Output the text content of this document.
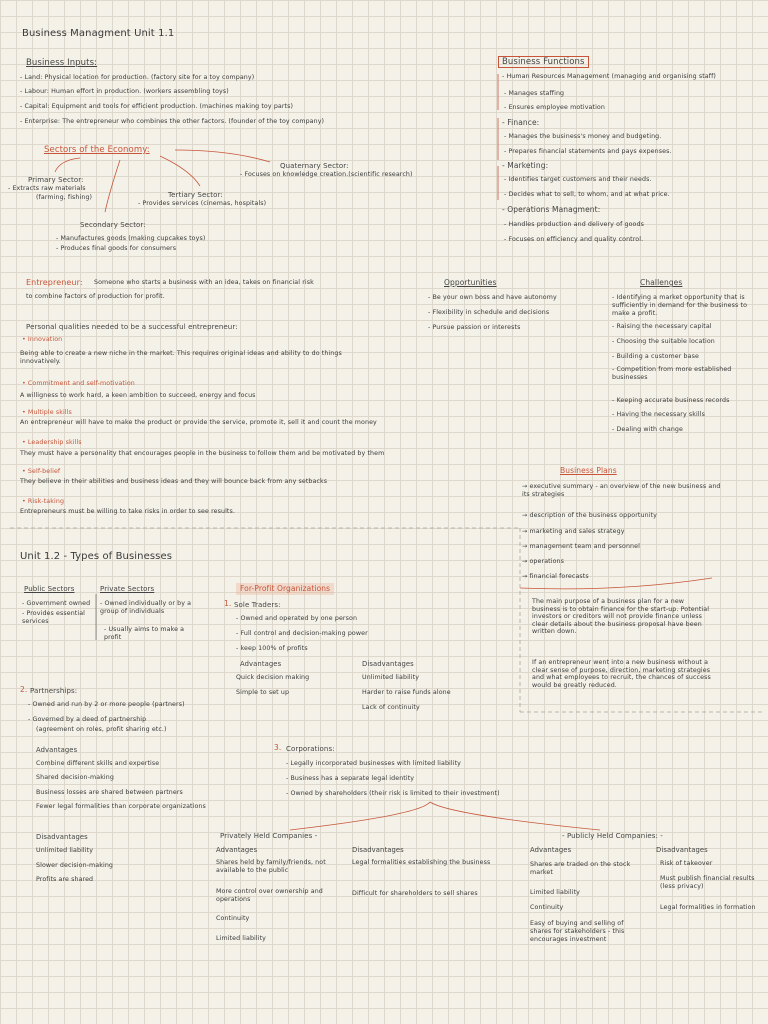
Business Managment Unit 1.1
Business Inputs:
- Land: Physical location for production. (factory site for a toy company)
- Labour: Human effort in production. (workers assembling toys)
- Capital: Equipment and tools for efficient production. (machines making toy parts)
- Enterprise: The entrepreneur who combines the other factors. (founder of the toy company)
Sectors of the Economy:
Primary Sector:
- Extracts raw materials
(farming, fishing)	Tertiary Sector:
- Provides services (cinemas, hospitals)
Quaternary Sector:
- Focuses on knowledge creation.(scientific research)
Secondary Sector:
- Manufactures goods (making cupcakes toys)
- Produces final goods for consumers
Business Functions
- Human Resources Management (managing and organising staff)
- Manages staffing
- Ensures employee motivation
- Finance:
- Manages the business's money and budgeting.
- Prepares financial statements and pays expenses.
- Marketing:
- Identifies target customers and their needs.
- Decides what to sell, to whom, and at what price.
- Operations Managment:
- Handles production and delivery of goods
- Focuses on efficiency and quality control.
Entrepreneur: Someone who starts a business with an idea, takes on financial risk
to combine factors of production for profit.
Personal qualities needed to be a successful entrepreneur:
• Innovation
Being able to create a new niche in the market. This requires original ideas and ability to do things innovatively.
• Commitment and self-motivation
A willigness to work hard, a keen ambition to succeed, energy and focus
• Multiple skills
An entrepreneur will have to make the product or provide the service, promote it, sell it and count the money
• Leadership skills
They must have a personality that encourages people in the business to follow them and be motivated by them
• Self-belief
They believe in their abilities and business ideas and they will bounce back from any setbacks
• Risk-taking
Entrepreneurs must be willing to take risks in order to see results.
Opportunities
- Be your own boss and have autonomy
- Flexibility in schedule and decisions
- Pursue passion or interests
Challenges
- Identifying a market opportunity that is sufficiently in demand for the business to make a profit.
- Raising the necessary capital
- Choosing the suitable location
- Building a customer base
- Competition from more established businesses
- Keeping accurate business records
- Having the necessary skills
- Dealing with change
Business Plans
→ executive summary - an overview of the new business and its strategies
→ description of the business opportunity
→ marketing and sales strategy
→ management team and personnel
→ operations
→ financial forecasts
The main purpose of a business plan for a new business is to obtain finance for the start-up. Potential investors or creditors will not provide finance unless clear details about the business proposal have been written down.
If an entrepreneur went into a new business without a clear sense of purpose, direction, marketing strategies and what employees to recruit, the chances of success would be greatly reduced.
Unit 1.2 - Types of Businesses
Public Sectors	Private Sectors
- Government owned
- Provides essential services
- Owned individually or by a group of individuals
- Usually aims to make a profit
For-Profit Organizations
1. Sole Traders:
- Owned and operated by one person
- Full control and decision-making power
- keep 100% of profits
Advantages
Quick decision making
Simple to set up
Disadvantages
Unlimited liability
Harder to raise funds alone
Lack of continuity
2. Partnerships:
- Owned and run by 2 or more people (partners)
- Governed by a deed of partnership
(agreement on roles, profit sharing etc.)
Advantages
Combine different skills and expertise
Shared decision-making
Business losses are shared between partners
Fewer legal formalities than corporate organizations
Disadvantages
Unlimited liability
Slower decision-making
Profits are shared
3. Corporations:
- Legally incorporated businesses with limited liability
- Business has a separate legal identity
- Owned by shareholders (their risk is limited to their investment)
Privately Held Companies -
Advantages
Shares held by family/friends, not available to the public
More control over ownership and operations
Continuity
Limited liability
Disadvantages
Legal formalities establishing the business
Difficult for shareholders to sell shares
- Publicly Held Companies: -
Advantages
Shares are traded on the stock market
Limited liability
Continuity
Easy of buying and selling of shares for stakeholders - this encourages investment
Disadvantages
Risk of takeover
Must publish financial results (less privacy)
Legal formalities in formation
